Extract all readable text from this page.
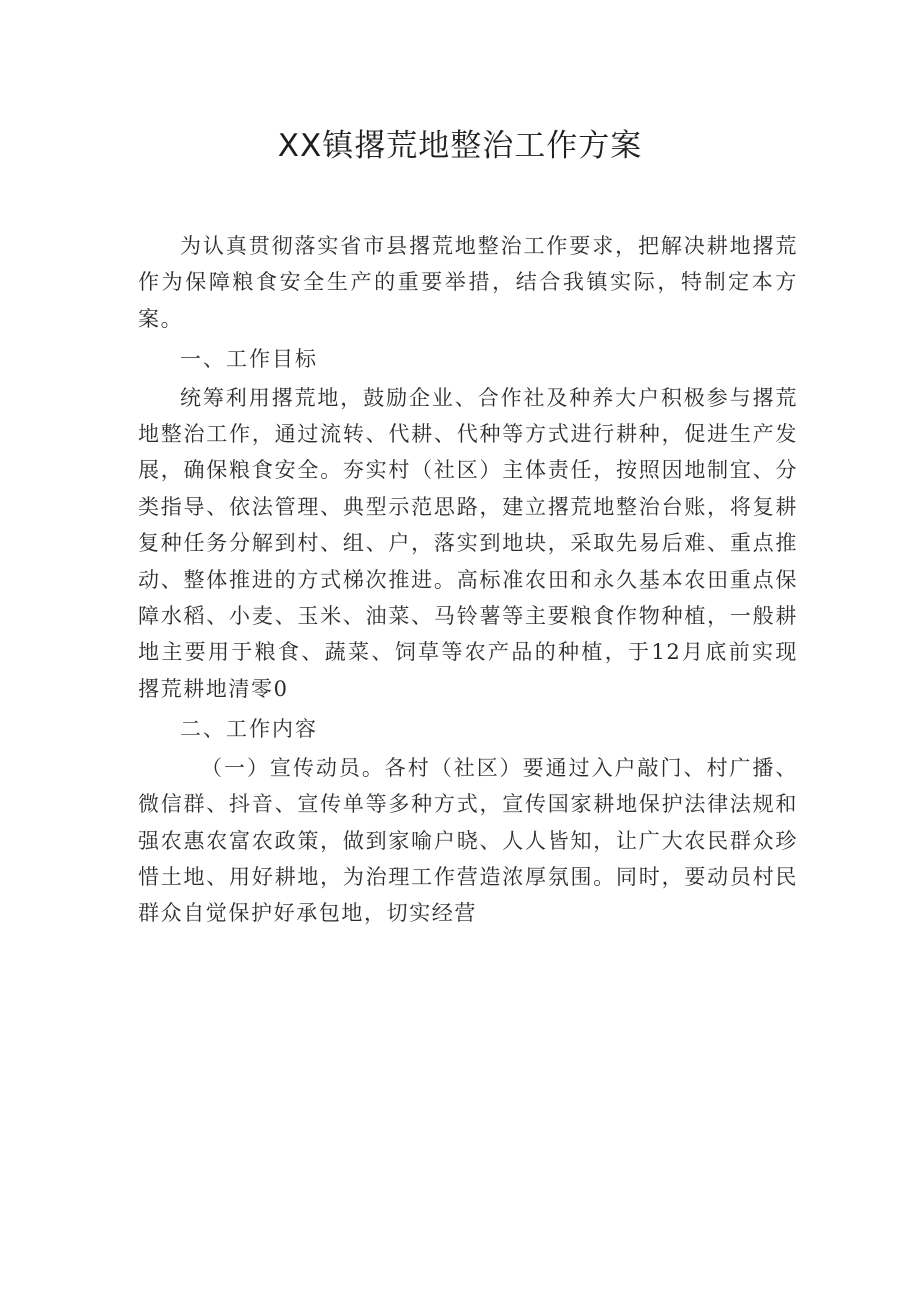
XX镇撂荒地整治工作方案

为认真贯彻落实省市县撂荒地整治工作要求，把解决耕地撂荒作为保障粮食安全生产的重要举措，结合我镇实际，特制定本方案。

一、工作目标

统筹利用撂荒地，鼓励企业、合作社及种养大户积极参与撂荒地整治工作，通过流转、代耕、代种等方式进行耕种，促进生产发展，确保粮食安全。夯实村（社区）主体责任，按照因地制宜、分类指导、依法管理、典型示范思路，建立撂荒地整治台账，将复耕复种任务分解到村、组、户，落实到地块，采取先易后难、重点推动、整体推进的方式梯次推进。高标准农田和永久基本农田重点保障水稻、小麦、玉米、油菜、马铃薯等主要粮食作物种植，一般耕地主要用于粮食、蔬菜、饲草等农产品的种植，于12月底前实现撂荒耕地清零0

二、工作内容

（一）宣传动员。各村（社区）要通过入户敲门、村广播、微信群、抖音、宣传单等多种方式，宣传国家耕地保护法律法规和强农惠农富农政策，做到家喻户晓、人人皆知，让广大农民群众珍惜土地、用好耕地，为治理工作营造浓厚氛围。同时，要动员村民群众自觉保护好承包地，切实经营
